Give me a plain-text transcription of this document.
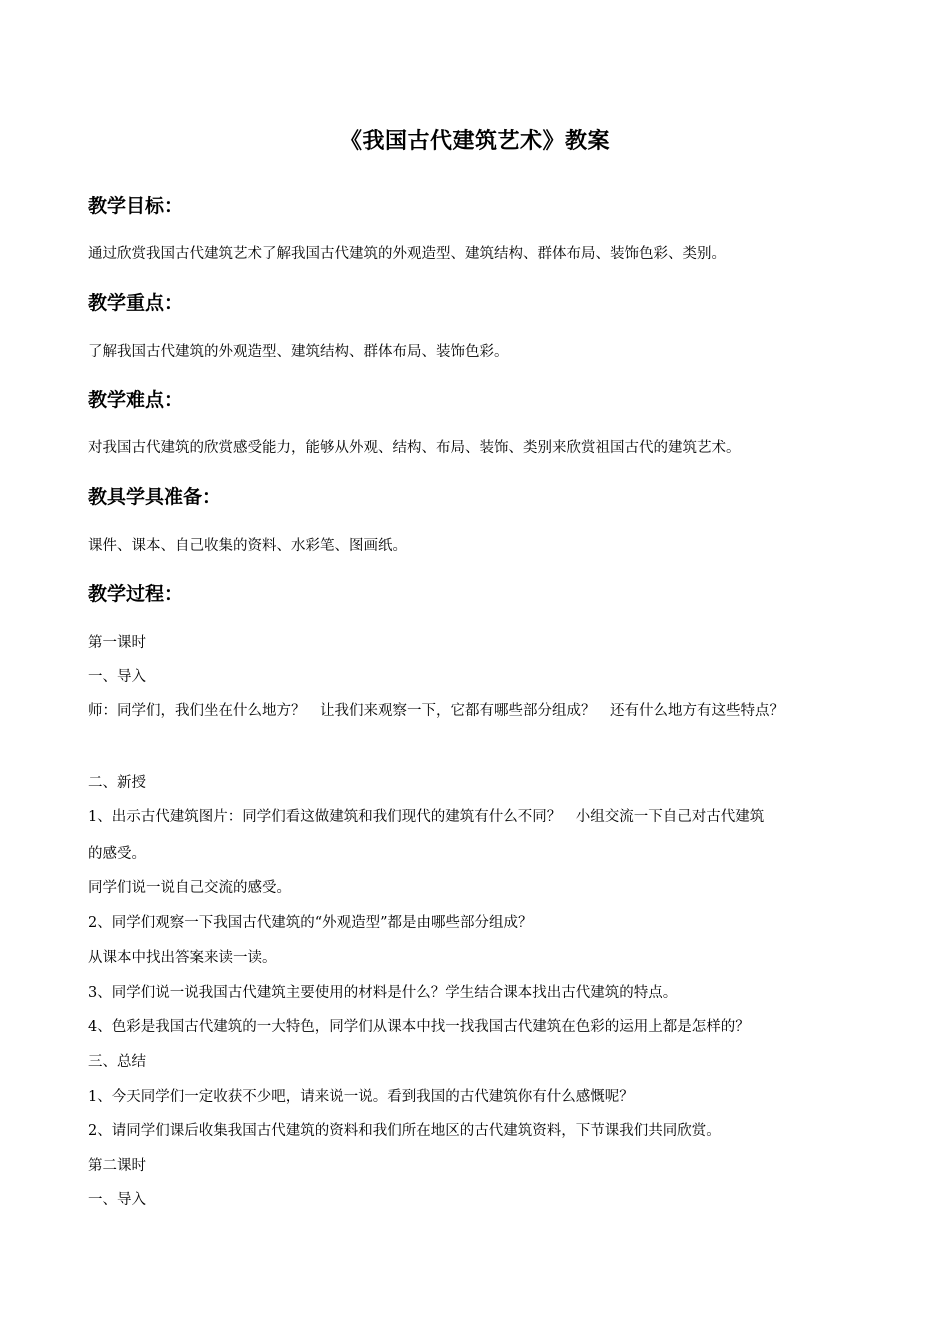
《我国古代建筑艺术》教案
教学目标：
通过欣赏我国古代建筑艺术了解我国古代建筑的外观造型、建筑结构、群体布局、装饰色彩、类别。
教学重点：
了解我国古代建筑的外观造型、建筑结构、群体布局、装饰色彩。
教学难点：
对我国古代建筑的欣赏感受能力，能够从外观、结构、布局、装饰、类别来欣赏祖国古代的建筑艺术。
教具学具准备：
课件、课本、自己收集的资料、水彩笔、图画纸。
教学过程：
第一课时
一、导入
师：同学们，我们坐在什么地方？　让我们来观察一下，它都有哪些部分组成？　还有什么地方有这些特点？
二、新授
1、出示古代建筑图片：同学们看这做建筑和我们现代的建筑有什么不同？　小组交流一下自己对古代建筑
的感受。
同学们说一说自己交流的感受。
2、同学们观察一下我国古代建筑的“外观造型”都是由哪些部分组成？
从课本中找出答案来读一读。
3、同学们说一说我国古代建筑主要使用的材料是什么？学生结合课本找出古代建筑的特点。
4、色彩是我国古代建筑的一大特色，同学们从课本中找一找我国古代建筑在色彩的运用上都是怎样的？
三、总结
1、今天同学们一定收获不少吧，请来说一说。看到我国的古代建筑你有什么感慨呢？
2、请同学们课后收集我国古代建筑的资料和我们所在地区的古代建筑资料，下节课我们共同欣赏。
第二课时
一、导入
